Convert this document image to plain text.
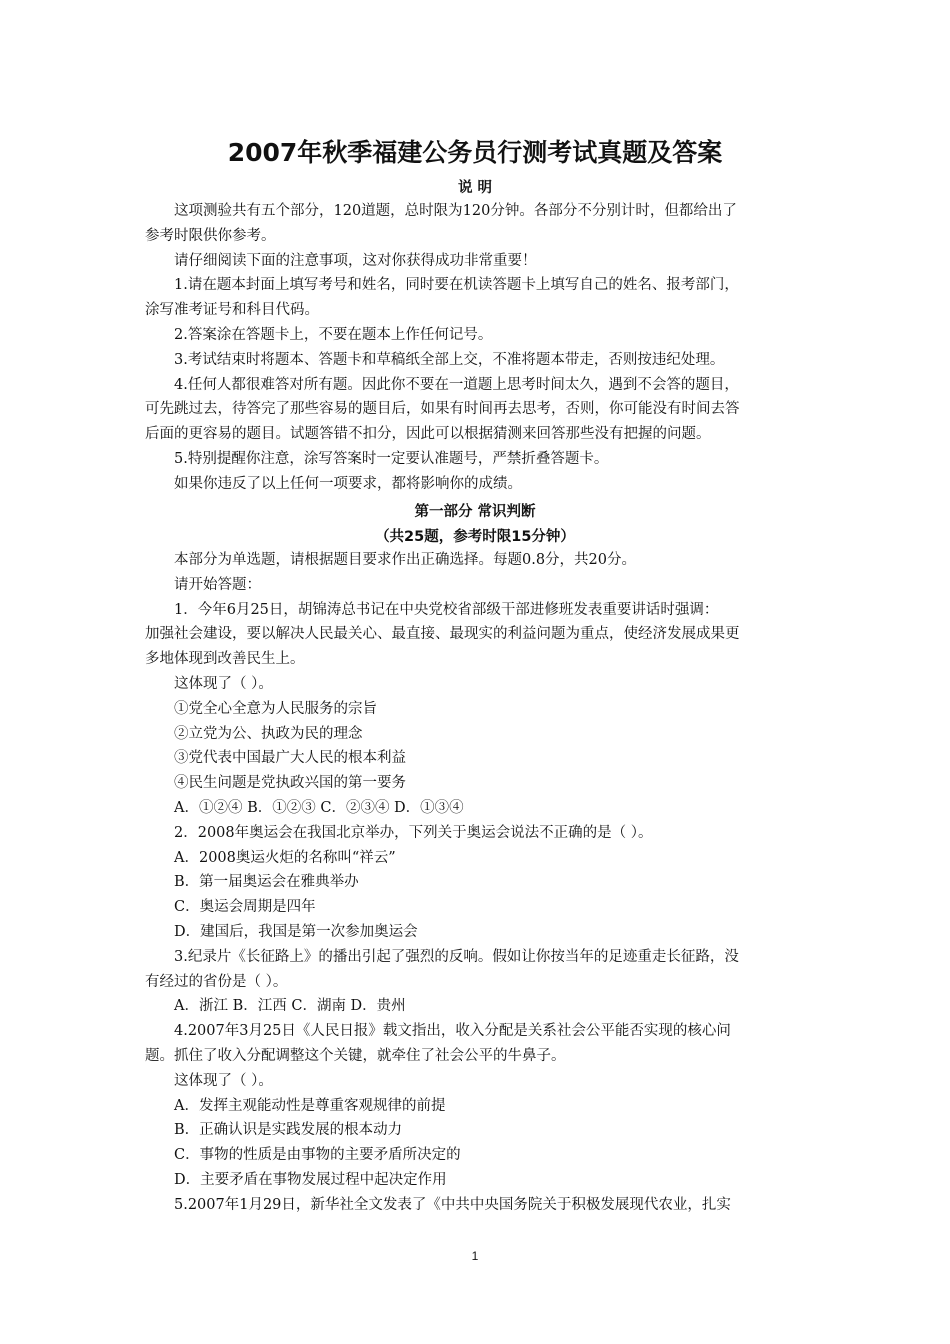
2007年秋季福建公务员行测考试真题及答案
说 明
这项测验共有五个部分，120道题，总时限为120分钟。各部分不分别计时，但都给出了
参考时限供你参考。
请仔细阅读下面的注意事项，这对你获得成功非常重要！
1.请在题本封面上填写考号和姓名，同时要在机读答题卡上填写自己的姓名、报考部门，
涂写准考证号和科目代码。
2.答案涂在答题卡上，不要在题本上作任何记号。
3.考试结束时将题本、答题卡和草稿纸全部上交，不准将题本带走，否则按违纪处理。
4.任何人都很难答对所有题。因此你不要在一道题上思考时间太久，遇到不会答的题目，
可先跳过去，待答完了那些容易的题目后，如果有时间再去思考，否则，你可能没有时间去答
后面的更容易的题目。试题答错不扣分，因此可以根据猜测来回答那些没有把握的问题。
5.特别提醒你注意，涂写答案时一定要认准题号，严禁折叠答题卡。
如果你违反了以上任何一项要求，都将影响你的成绩。
第一部分 常识判断
（共25题，参考时限15分钟）
本部分为单选题，请根据题目要求作出正确选择。每题0.8分，共20分。
请开始答题：
1．今年6月25日，胡锦涛总书记在中央党校省部级干部进修班发表重要讲话时强调：
加强社会建设，要以解决人民最关心、最直接、最现实的利益问题为重点，使经济发展成果更
多地体现到改善民生上。
这体现了（ ）。
①党全心全意为人民服务的宗旨
②立党为公、执政为民的理念
③党代表中国最广大人民的根本利益
④民生问题是党执政兴国的第一要务
A．①②④ B．①②③ C．②③④ D．①③④
2．2008年奥运会在我国北京举办，下列关于奥运会说法不正确的是（ ）。
A．2008奥运火炬的名称叫“祥云”
B．第一届奥运会在雅典举办
C．奥运会周期是四年
D．建国后，我国是第一次参加奥运会
3.纪录片《长征路上》的播出引起了强烈的反响。假如让你按当年的足迹重走长征路，没
有经过的省份是（ ）。
A．浙江 B．江西 C．湖南 D．贵州
4.2007年3月25日《人民日报》载文指出，收入分配是关系社会公平能否实现的核心问
题。抓住了收入分配调整这个关键，就牵住了社会公平的牛鼻子。
这体现了（ ）。
A．发挥主观能动性是尊重客观规律的前提
B．正确认识是实践发展的根本动力
C．事物的性质是由事物的主要矛盾所决定的
D．主要矛盾在事物发展过程中起决定作用
5.2007年1月29日，新华社全文发表了《中共中央国务院关于积极发展现代农业，扎实
1
